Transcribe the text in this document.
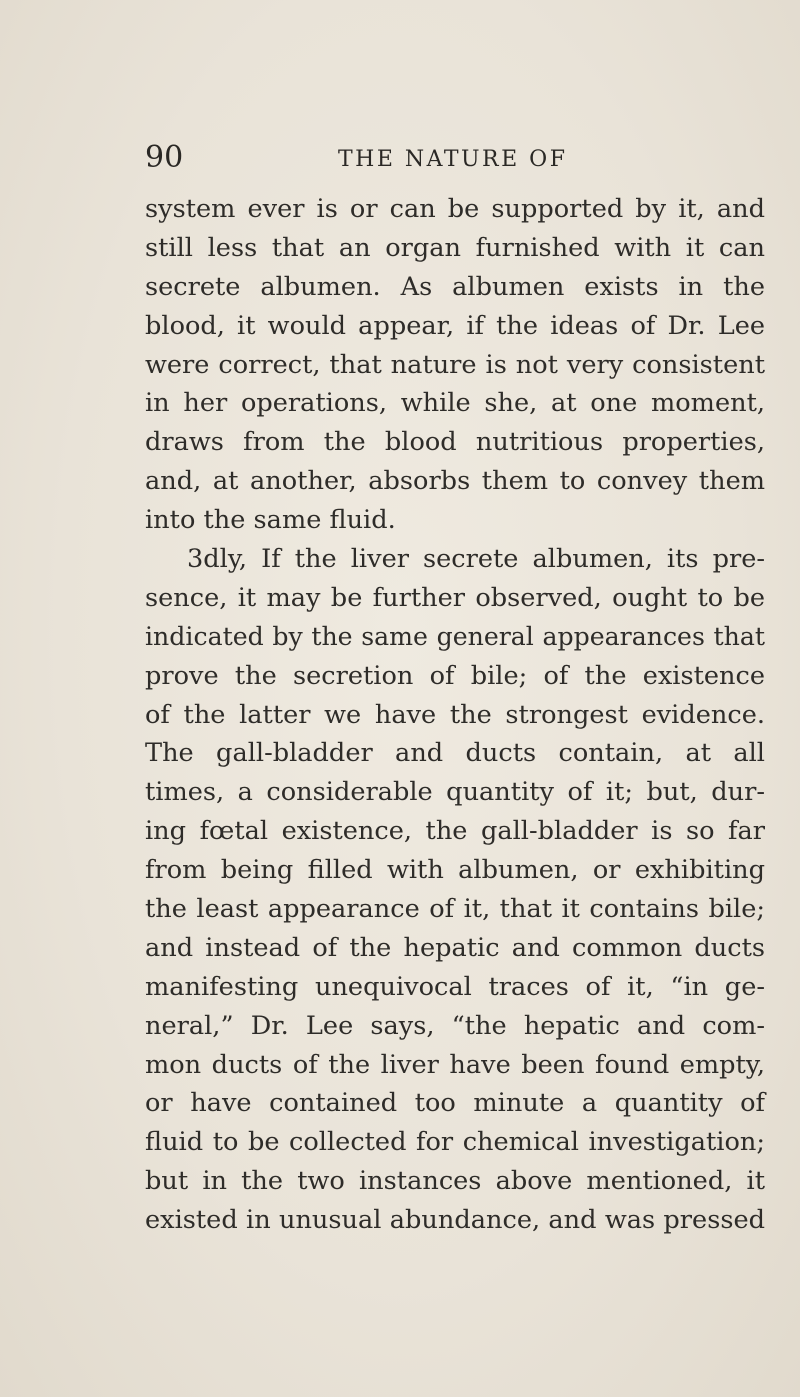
90	THE NATURE OF
system ever is or can be supported by it, and
still less that an organ furnished with it can
secrete albumen. As albumen exists in the
blood, it would appear, if the ideas of Dr. Lee
were correct, that nature is not very consistent
in her operations, while she, at one moment,
draws from the blood nutritious properties,
and, at another, absorbs them to convey them
into the same fluid.
3dly, If the liver secrete albumen, its pre-
sence, it may be further observed, ought to be
indicated by the same general appearances that
prove the secretion of bile; of the existence
of the latter we have the strongest evidence.
The gall-bladder and ducts contain, at all
times, a considerable quantity of it; but, dur-
ing fœtal existence, the gall-bladder is so far
from being filled with albumen, or exhibiting
the least appearance of it, that it contains bile;
and instead of the hepatic and common ducts
manifesting unequivocal traces of it, “in ge-
neral,” Dr. Lee says, “the hepatic and com-
mon ducts of the liver have been found empty,
or have contained too minute a quantity of
fluid to be collected for chemical investigation;
but in the two instances above mentioned, it
existed in unusual abundance, and was pressed
